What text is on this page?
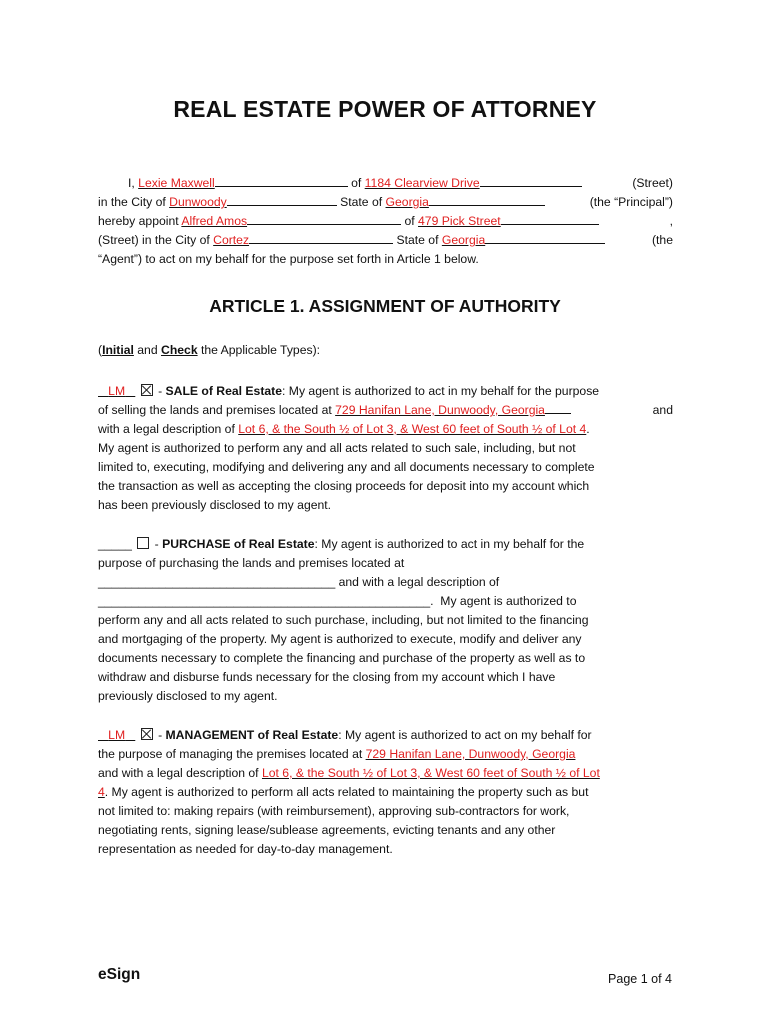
REAL ESTATE POWER OF ATTORNEY
I, Lexie Maxwell	of 1184 Clearview Drive	(Street)
in the City of Dunwoody	State of Georgia	(the “Principal”)
hereby appoint Alfred Amos	of 479 Pick Street	,
(Street) in the City of Cortez	State of Georgia	(the
“Agent”) to act on my behalf for the purpose set forth in Article 1 below.
ARTICLE 1. ASSIGNMENT OF AUTHORITY
(Initial and Check the Applicable Types):
LM	- SALE of Real Estate: My agent is authorized to act in my behalf for the purpose
of selling the lands and premises located at 729 Hanifan Lane, Dunwoody, Georgia	and
with a legal description of Lot 6, & the South ½ of Lot 3, & West 60 feet of South ½ of Lot 4.
My agent is authorized to perform any and all acts related to such sale, including, but not
limited to, executing, modifying and delivering any and all documents necessary to complete
the transaction as well as accepting the closing proceeds for deposit into my account which
has been previously disclosed to my agent.
_____ - PURCHASE of Real Estate: My agent is authorized to act in my behalf for the
purpose of purchasing the lands and premises located at
___________________________________ and with a legal description of
_________________________________________________. My agent is authorized to
perform any and all acts related to such purchase, including, but not limited to the financing
and mortgaging of the property. My agent is authorized to execute, modify and deliver any
documents necessary to complete the financing and purchase of the property as well as to
withdraw and disburse funds necessary for the closing from my account which I have
previously disclosed to my agent.
LM	- MANAGEMENT of Real Estate: My agent is authorized to act on my behalf for
the purpose of managing the premises located at 729 Hanifan Lane, Dunwoody, Georgia
and with a legal description of Lot 6, & the South ½ of Lot 3, & West 60 feet of South ½ of Lot
4. My agent is authorized to perform all acts related to maintaining the property such as but
not limited to: making repairs (with reimbursement), approving sub-contractors for work,
negotiating rents, signing lease/sublease agreements, evicting tenants and any other
representation as needed for day-to-day management.
eSign	Page 1 of 4
